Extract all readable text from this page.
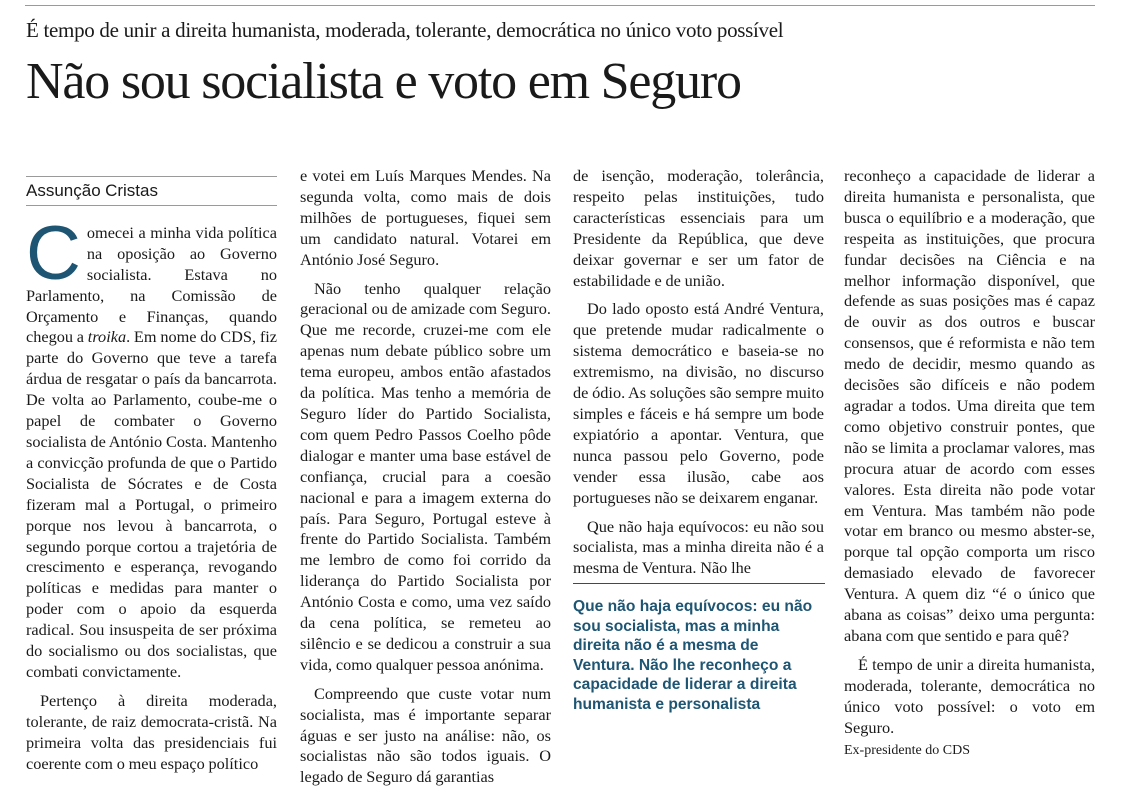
É tempo de unir a direita humanista, moderada, tolerante, democrática no único voto possível
Não sou socialista e voto em Seguro
Assunção Cristas

Comecei a minha vida política na oposição ao Governo socialista. Estava no Parlamento, na Comissão de Orçamento e Finanças, quando chegou a troika. Em nome do CDS, fiz parte do Governo que teve a tarefa árdua de resgatar o país da bancarrota. De volta ao Parlamento, coube-me o papel de combater o Governo socialista de António Costa. Mantenho a convicção profunda de que o Partido Socialista de Sócrates e de Costa fizeram mal a Portugal, o primeiro porque nos levou à bancarrota, o segundo porque cortou a trajetória de crescimento e esperança, revogando políticas e medidas para manter o poder com o apoio da esquerda radical. Sou insuspeita de ser próxima do socialismo ou dos socialistas, que combati convictamente.

Pertenço à direita moderada, tolerante, de raiz democrata-cristã. Na primeira volta das presidenciais fui coerente com o meu espaço político

e votei em Luís Marques Mendes. Na segunda volta, como mais de dois milhões de portugueses, fiquei sem um candidato natural. Votarei em António José Seguro.

Não tenho qualquer relação geracional ou de amizade com Seguro. Que me recorde, cruzei-me com ele apenas num debate público sobre um tema europeu, ambos então afastados da política. Mas tenho a memória de Seguro líder do Partido Socialista, com quem Pedro Passos Coelho pôde dialogar e manter uma base estável de confiança, crucial para a coesão nacional e para a imagem externa do país. Para Seguro, Portugal esteve à frente do Partido Socialista. Também me lembro de como foi corrido da liderança do Partido Socialista por António Costa e como, uma vez saído da cena política, se remeteu ao silêncio e se dedicou a construir a sua vida, como qualquer pessoa anónima.

Compreendo que custe votar num socialista, mas é importante separar águas e ser justo na análise: não, os socialistas não são todos iguais. O legado de Seguro dá garantias

de isenção, moderação, tolerância, respeito pelas instituições, tudo características essenciais para um Presidente da República, que deve deixar governar e ser um fator de estabilidade e de união.

Do lado oposto está André Ventura, que pretende mudar radicalmente o sistema democrático e baseia-se no extremismo, na divisão, no discurso de ódio. As soluções são sempre muito simples e fáceis e há sempre um bode expiatório a apontar. Ventura, que nunca passou pelo Governo, pode vender essa ilusão, cabe aos portugueses não se deixarem enganar.

Que não haja equívocos: eu não sou socialista, mas a minha direita não é a mesma de Ventura. Não lhe

Que não haja equívocos: eu não sou socialista, mas a minha direita não é a mesma de Ventura. Não lhe reconheço a capacidade de liderar a direita humanista e personalista

reconheço a capacidade de liderar a direita humanista e personalista, que busca o equilíbrio e a moderação, que respeita as instituições, que procura fundar decisões na Ciência e na melhor informação disponível, que defende as suas posições mas é capaz de ouvir as dos outros e buscar consensos, que é reformista e não tem medo de decidir, mesmo quando as decisões são difíceis e não podem agradar a todos. Uma direita que tem como objetivo construir pontes, que não se limita a proclamar valores, mas procura atuar de acordo com esses valores. Esta direita não pode votar em Ventura. Mas também não pode votar em branco ou mesmo abster-se, porque tal opção comporta um risco demasiado elevado de favorecer Ventura. A quem diz “é o único que abana as coisas” deixo uma pergunta: abana com que sentido e para quê?

É tempo de unir a direita humanista, moderada, tolerante, democrática no único voto possível: o voto em Seguro.

Ex-presidente do CDS
